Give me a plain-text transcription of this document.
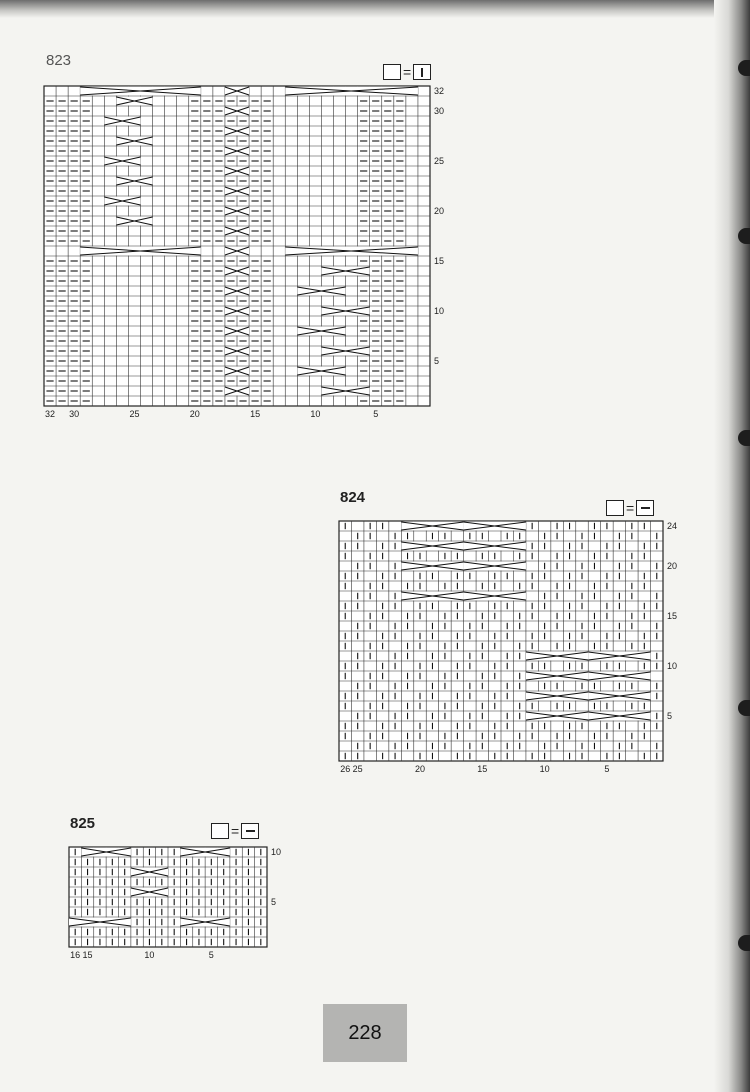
823
=
32
30
25
20
15
10
5
32 30	25	20	15	10	5
824
=
24
20
15
10
5
26 25	20	15	10	5
825	=
10
5
16 15	10	5
228
